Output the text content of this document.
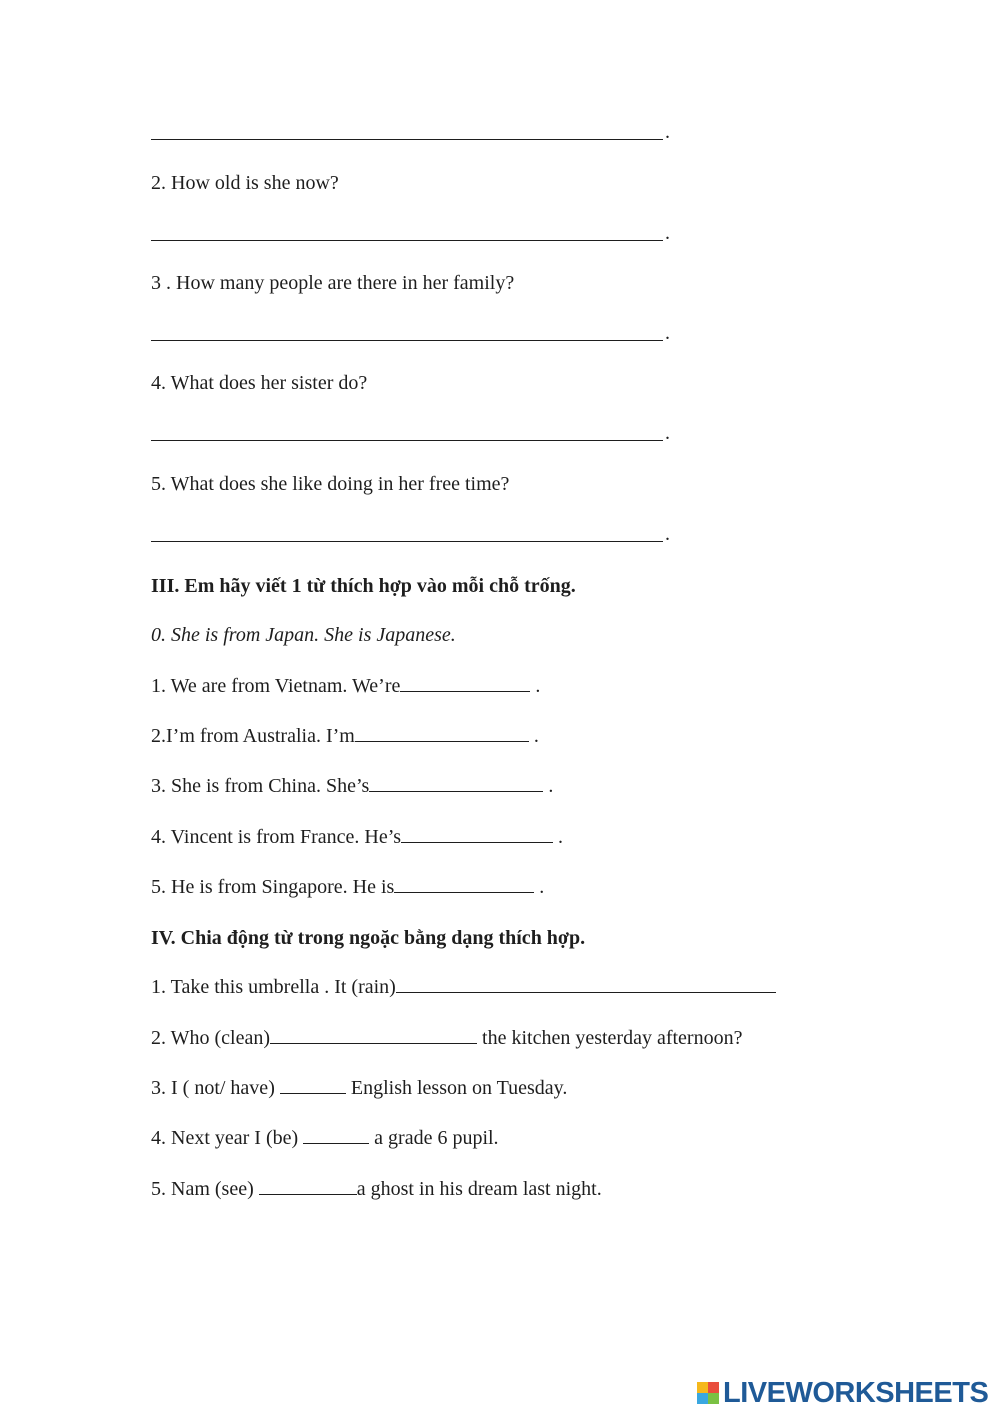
.
2. How old is she now?
.
3 . How many people are there in her family?
.
4. What does her sister do?
.
5. What does she like doing in her free time?
.
III. Em hãy viết 1 từ thích hợp vào mỗi chỗ trống.
0. She is from Japan. She is Japanese.
1. We are from Vietnam. We’re	.
2.I’m from Australia. I’m	.
3. She is from China. She’s	.
4. Vincent is from France. He’s	.
5. He is from Singapore. He is	.
IV. Chia động từ trong ngoặc bằng dạng thích hợp.
1. Take this umbrella . It (rain)
2. Who (clean)	the kitchen yesterday afternoon?
3. I ( not/ have)	English lesson on Tuesday.
4. Next year I (be)	a grade 6 pupil.
5. Nam (see)	a ghost in his dream last night.
LIVEWORKSHEETS
